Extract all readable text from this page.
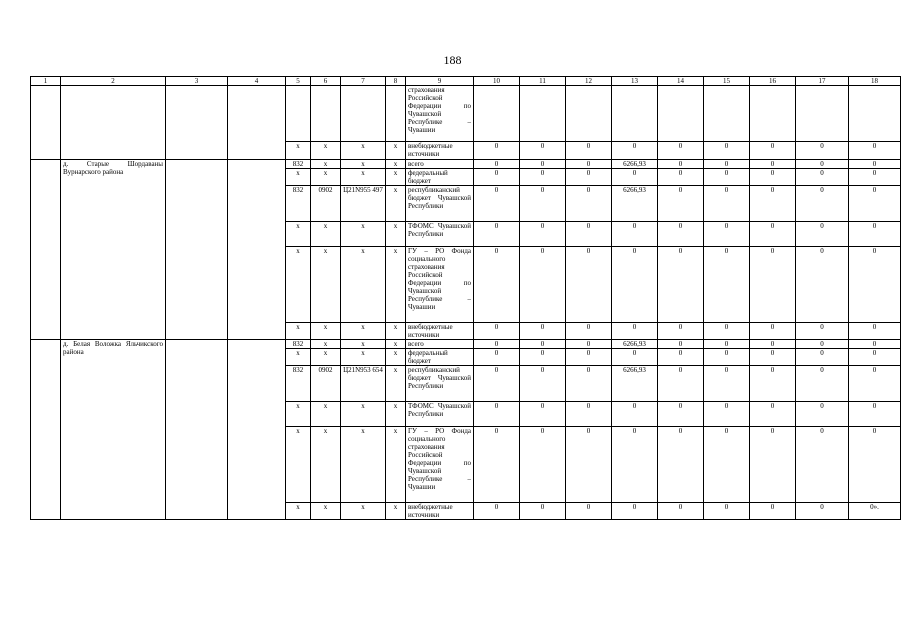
188
1	2	3	4	5	6	7	8	9	10	11	12	13	14	15	16	17	18
								страхования Российской Федерации по Чувашской Республике – Чувашии									
				х	х	х	х	внебюджетные источники	0	0	0	0	0	0	0	0	0
	д. Старые Шордаваны Вурнарского района			832	х	х	х	всего	0	0	0	6266,93	0	0	0	0	0
				х	х	х	х	федеральный бюджет	0	0	0	0	0	0	0	0	0
				832	0902	Ц21N955 497	х	республиканский бюджет Чувашской Республики	0	0	0	6266,93	0	0	0	0	0
				х	х	х	х	ТФОМС Чувашской Республики	0	0	0	0	0	0	0	0	0
				х	х	х	х	ГУ – РО Фонда социального страхования Российской Федерации по Чувашской Республике – Чувашии	0	0	0	0	0	0	0	0	0
				х	х	х	х	внебюджетные источники	0	0	0	0	0	0	0	0	0
	д. Белая Воложка Яльчикского района			832	х	х	х	всего	0	0	0	6266,93	0	0	0	0	0
				х	х	х	х	федеральный бюджет	0	0	0	0	0	0	0	0	0
				832	0902	Ц21N953 654	х	республиканский бюджет Чувашской Республики	0	0	0	6266,93	0	0	0	0	0
				х	х	х	х	ТФОМС Чувашской Республики	0	0	0	0	0	0	0	0	0
				х	х	х	х	ГУ – РО Фонда социального страхования Российской Федерации по Чувашской Республике – Чувашии	0	0	0	0	0	0	0	0	0
				х	х	х	х	внебюджетные источники	0	0	0	0	0	0	0	0	0».
